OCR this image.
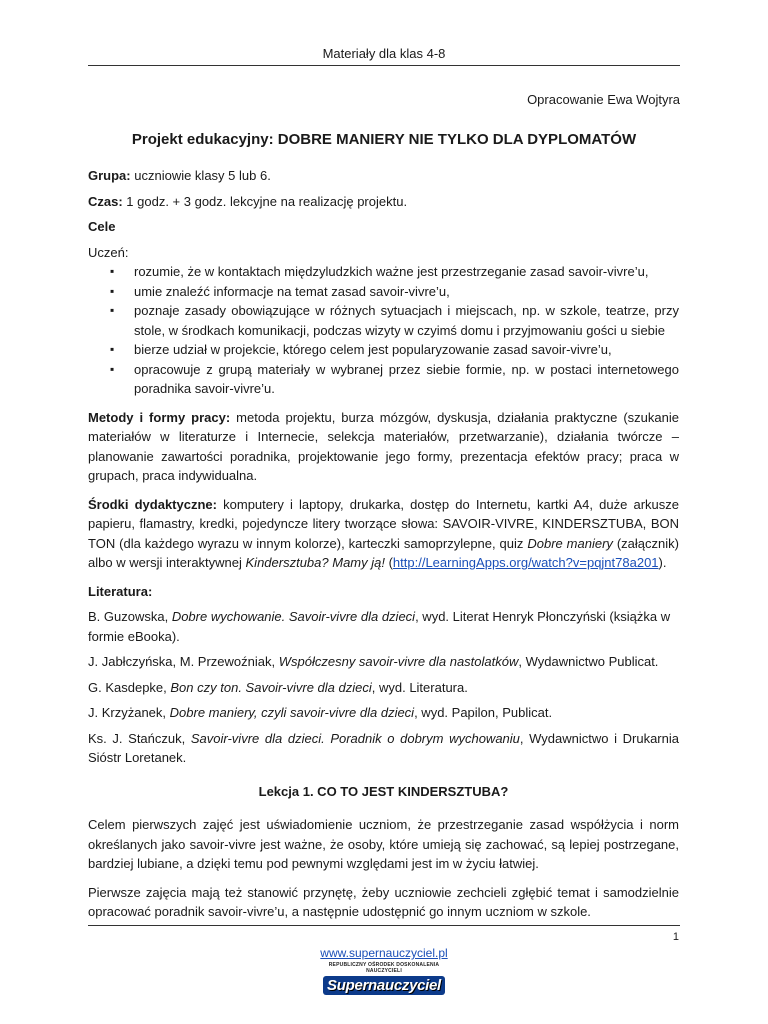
Materiały dla klas 4-8
Opracowanie Ewa Wojtyra
Projekt edukacyjny: DOBRE MANIERY NIE TYLKO DLA DYPLOMATÓW

Grupa: uczniowie klasy 5 lub 6.

Czas: 1 godz. + 3 godz. lekcyjne na realizację projektu.

Cele

Uczeń:

▪ rozumie, że w kontaktach międzyludzkich ważne jest przestrzeganie zasad savoir-vivre’u,
▪ umie znaleźć informacje na temat zasad savoir-vivre’u,
▪ poznaje zasady obowiązujące w różnych sytuacjach i miejscach, np. w szkole, teatrze, przy stole, w środkach komunikacji, podczas wizyty w czyimś domu i przyjmowaniu gości u siebie
▪ bierze udział w projekcie, którego celem jest popularyzowanie zasad savoir-vivre’u,
▪ opracowuje z grupą materiały w wybranej przez siebie formie, np. w postaci internetowego poradnika savoir-vivre’u.

Metody i formy pracy: metoda projektu, burza mózgów, dyskusja, działania praktyczne (szukanie materiałów w literaturze i Internecie, selekcja materiałów, przetwarzanie), działania twórcze – planowanie zawartości poradnika, projektowanie jego formy, prezentacja efektów pracy; praca w grupach, praca indywidualna.

Środki dydaktyczne: komputery i laptopy, drukarka, dostęp do Internetu, kartki A4, duże arkusze papieru, flamastry, kredki, pojedyncze litery tworzące słowa: SAVOIR-VIVRE, KINDERSZTUBA, BON TON (dla każdego wyrazu w innym kolorze), karteczki samoprzylepne, quiz Dobre maniery (załącznik) albo w wersji interaktywnej Kindersztuba? Mamy ją! (http://LearningApps.org/watch?v=pqjnt78a201).

Literatura:

B. Guzowska, Dobre wychowanie. Savoir-vivre dla dzieci, wyd. Literat Henryk Płonczyński (książka w formie eBooka).

J. Jabłczyńska, M. Przewoźniak, Współczesny savoir-vivre dla nastolatków, Wydawnictwo Publicat.

G. Kasdepke, Bon czy ton. Savoir-vivre dla dzieci, wyd. Literatura.

J. Krzyżanek, Dobre maniery, czyli savoir-vivre dla dzieci, wyd. Papilon, Publicat.

Ks. J. Stańczuk, Savoir-vivre dla dzieci. Poradnik o dobrym wychowaniu, Wydawnictwo i Drukarnia Sióstr Loretanek.

Lekcja 1. CO TO JEST KINDERSZTUBA?

Celem pierwszych zajęć jest uświadomienie uczniom, że przestrzeganie zasad współżycia i norm określanych jako savoir-vivre jest ważne, że osoby, które umieją się zachować, są lepiej postrzegane, bardziej lubiane, a dzięki temu pod pewnymi względami jest im w życiu łatwiej.

Pierwsze zajęcia mają też stanowić przynętę, żeby uczniowie zechcieli zgłębić temat i samodzielnie opracować poradnik savoir-vivre’u, a następnie udostępnić go innym uczniom w szkole.

1
www.supernauczyciel.pl
REPUBLICZNY OŚRODEK DOSKONALENIA NAUCZYCIELI
Supernauczyciel
